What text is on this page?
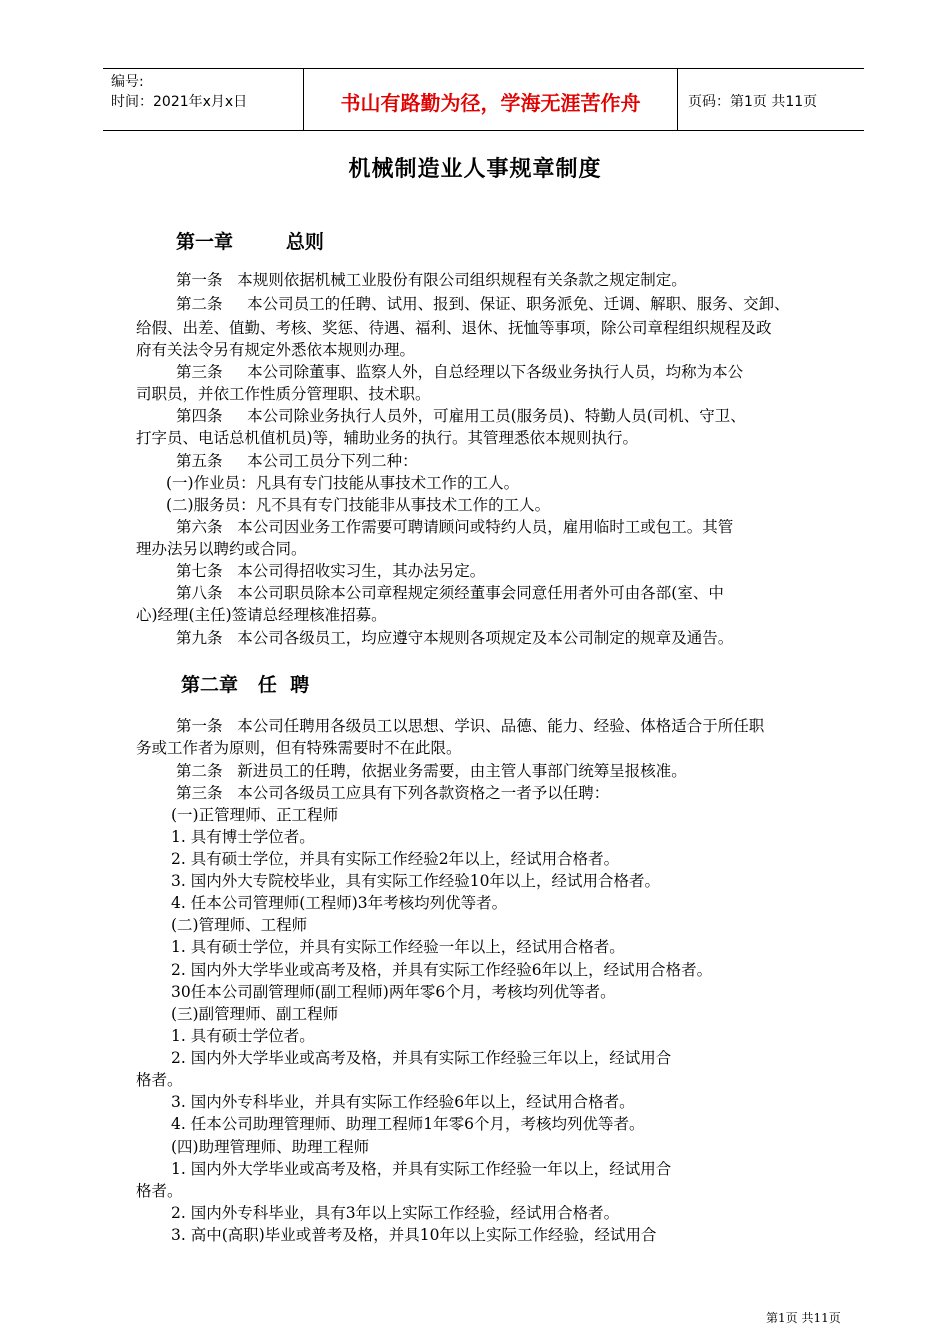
编号:
时间：2021年x月x日	书山有路勤为径，学海无涯苦作舟	页码：第1页 共11页
机械制造业人事规章制度
第一章        总则
第一条   本规则依据机械工业股份有限公司组织规程有关条款之规定制定。
第二条     本公司员工的任聘、试用、报到、保证、职务派免、迁调、解职、服务、交卸、
给假、出差、值勤、考核、奖惩、待遇、福利、退休、抚恤等事项，除公司章程组织规程及政
府有关法令另有规定外悉依本规则办理。
第三条     本公司除董事、监察人外，自总经理以下各级业务执行人员，均称为本公
司职员，并依工作性质分管理职、技术职。
第四条     本公司除业务执行人员外，可雇用工员(服务员)、特勤人员(司机、守卫、
打字员、电话总机值机员)等，辅助业务的执行。其管理悉依本规则执行。
第五条     本公司工员分下列二种：
(一)作业员：凡具有专门技能从事技术工作的工人。
(二)服务员：凡不具有专门技能非从事技术工作的工人。
第六条   本公司因业务工作需要可聘请顾问或特约人员，雇用临时工或包工。其管
理办法另以聘约或合同。
第七条   本公司得招收实习生，其办法另定。
第八条   本公司职员除本公司章程规定须经董事会同意任用者外可由各部(室、中
心)经理(主任)签请总经理核准招募。
第九条   本公司各级员工，均应遵守本规则各项规定及本公司制定的规章及通告。
第二章   任  聘
第一条   本公司任聘用各级员工以思想、学识、品德、能力、经验、体格适合于所任职
务或工作者为原则，但有特殊需要时不在此限。
第二条   新进员工的任聘，依据业务需要，由主管人事部门统筹呈报核准。
第三条   本公司各级员工应具有下列各款资格之一者予以任聘：
(一)正管理师、正工程师
1. 具有博士学位者。
2. 具有硕士学位，并具有实际工作经验2年以上，经试用合格者。
3. 国内外大专院校毕业，具有实际工作经验10年以上，经试用合格者。
4. 任本公司管理师(工程师)3年考核均列优等者。
(二)管理师、工程师
1. 具有硕士学位，并具有实际工作经验一年以上，经试用合格者。
2. 国内外大学毕业或高考及格，并具有实际工作经验6年以上，经试用合格者。
30任本公司副管理师(副工程师)两年零6个月，考核均列优等者。
(三)副管理师、副工程师
1. 具有硕士学位者。
2. 国内外大学毕业或高考及格，并具有实际工作经验三年以上，经试用合
格者。
3. 国内外专科毕业，并具有实际工作经验6年以上，经试用合格者。
4. 任本公司助理管理师、助理工程师1年零6个月，考核均列优等者。
(四)助理管理师、助理工程师
1. 国内外大学毕业或高考及格，并具有实际工作经验一年以上，经试用合
格者。
2. 国内外专科毕业，具有3年以上实际工作经验，经试用合格者。
3. 高中(高职)毕业或普考及格，并具10年以上实际工作经验，经试用合
第1页 共11页
